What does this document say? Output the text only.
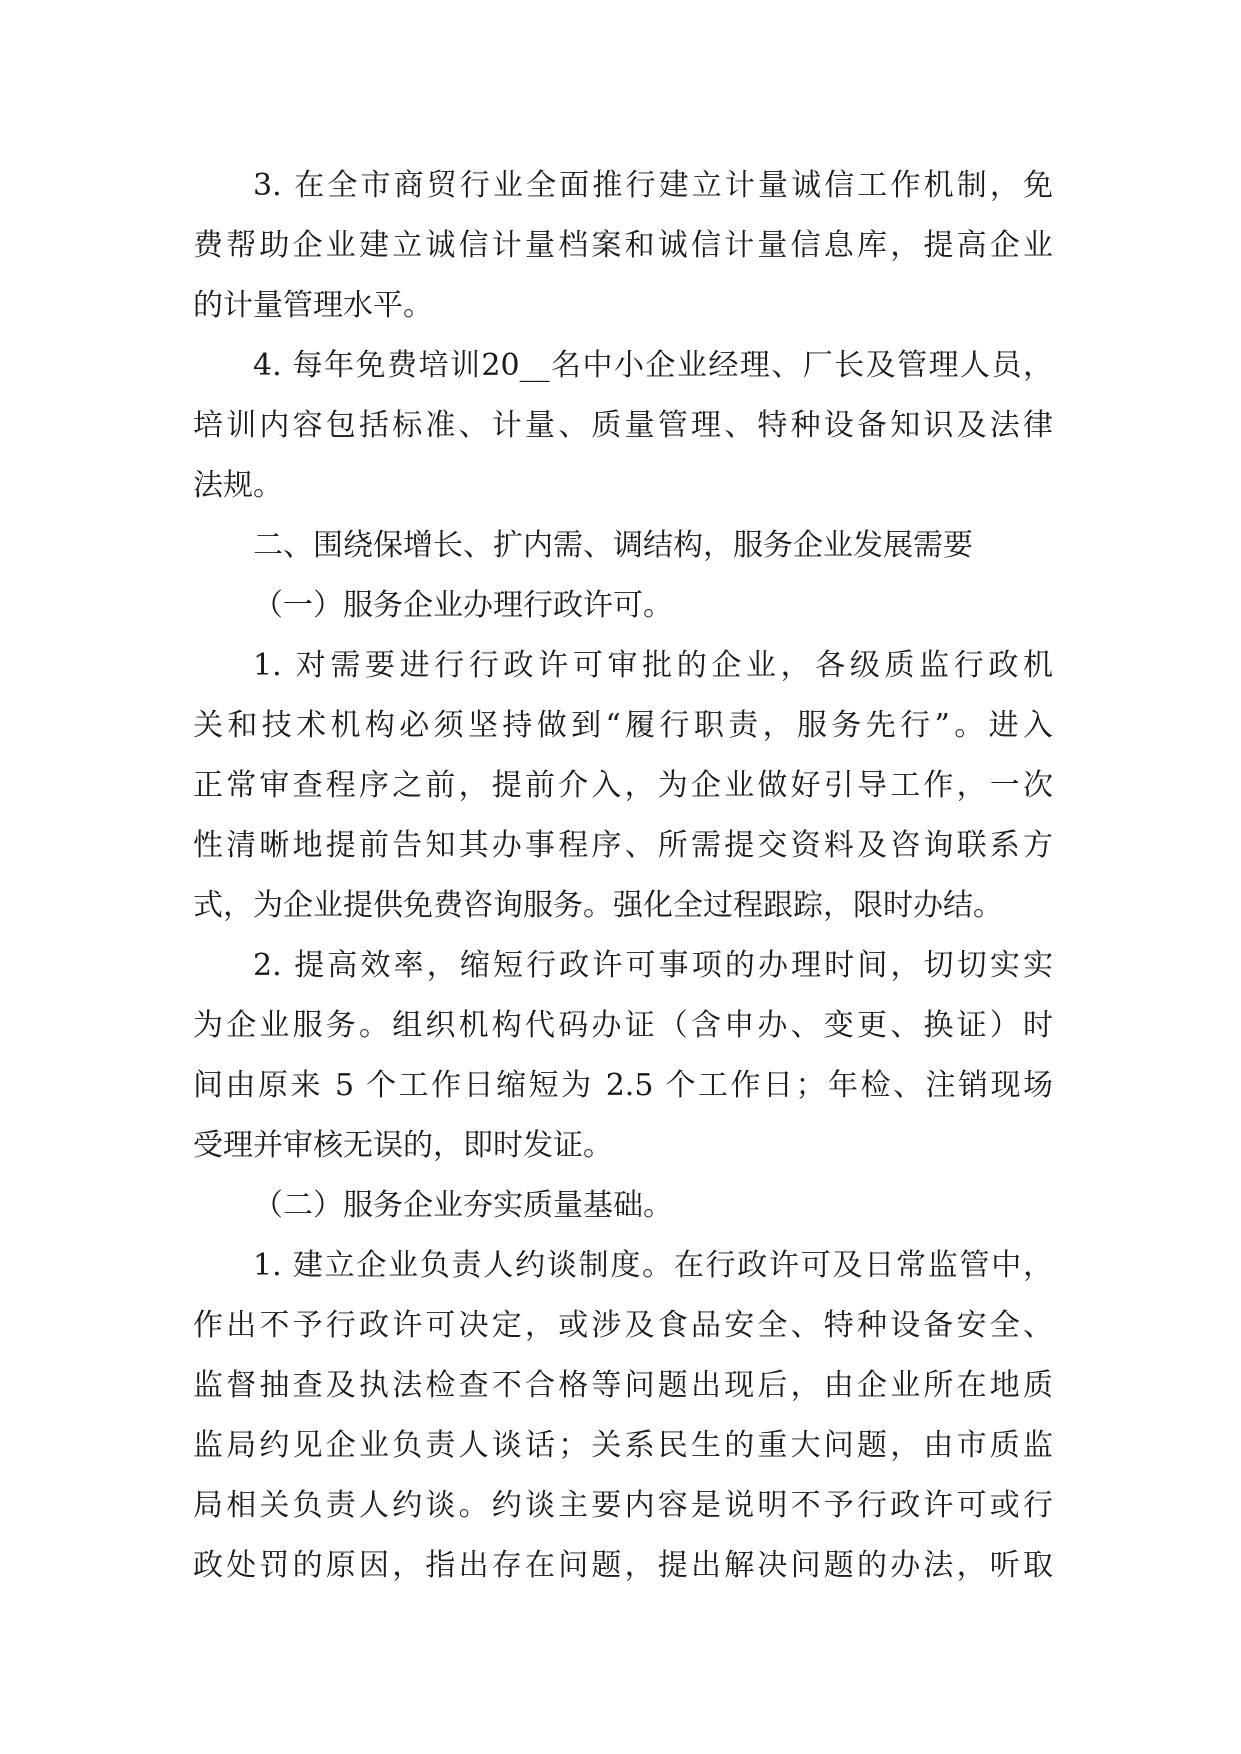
3. 在全市商贸行业全面推行建立计量诚信工作机制，免
费帮助企业建立诚信计量档案和诚信计量信息库，提高企业
的计量管理水平。
4. 每年免费培训20__名中小企业经理、厂长及管理人员，
培训内容包括标准、计量、质量管理、特种设备知识及法律
法规。
二、围绕保增长、扩内需、调结构，服务企业发展需要
（一）服务企业办理行政许可。
1. 对需要进行行政许可审批的企业，各级质监行政机
关和技术机构必须坚持做到“履行职责，服务先行”。进入
正常审查程序之前，提前介入，为企业做好引导工作，一次
性清晰地提前告知其办事程序、所需提交资料及咨询联系方
式，为企业提供免费咨询服务。强化全过程跟踪，限时办结。
2. 提高效率，缩短行政许可事项的办理时间，切切实实
为企业服务。组织机构代码办证（含申办、变更、换证）时
间由原来 5 个工作日缩短为 2.5 个工作日；年检、注销现场
受理并审核无误的，即时发证。
（二）服务企业夯实质量基础。
1. 建立企业负责人约谈制度。在行政许可及日常监管中，
作出不予行政许可决定，或涉及食品安全、特种设备安全、
监督抽查及执法检查不合格等问题出现后，由企业所在地质
监局约见企业负责人谈话；关系民生的重大问题，由市质监
局相关负责人约谈。约谈主要内容是说明不予行政许可或行
政处罚的原因，指出存在问题，提出解决问题的办法，听取
